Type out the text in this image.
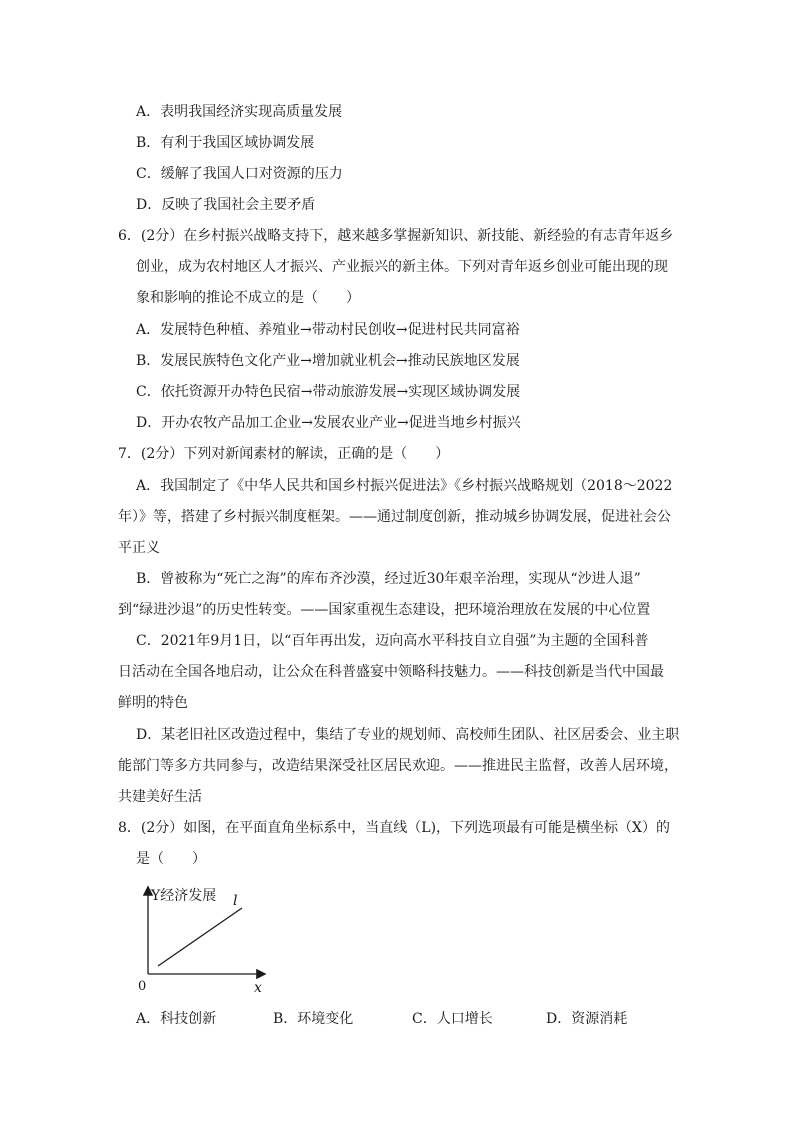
A．表明我国经济实现高质量发展
B．有利于我国区域协调发展
C．缓解了我国人口对资源的压力
D．反映了我国社会主要矛盾
6．(2分）在乡村振兴战略支持下，越来越多掌握新知识、新技能、新经验的有志青年返乡
创业，成为农村地区人才振兴、产业振兴的新主体。下列对青年返乡创业可能出现的现
象和影响的推论不成立的是（　　）
A．发展特色种植、养殖业→带动村民创收→促进村民共同富裕
B．发展民族特色文化产业→增加就业机会→推动民族地区发展
C．依托资源开办特色民宿→带动旅游发展→实现区域协调发展
D．开办农牧产品加工企业→发展农业产业→促进当地乡村振兴
7．(2分）下列对新闻素材的解读，正确的是（　　）
A．我国制定了《中华人民共和国乡村振兴促进法》《乡村振兴战略规划（2018～2022
年）》等，搭建了乡村振兴制度框架。——通过制度创新，推动城乡协调发展，促进社会公
平正义
B．曾被称为“死亡之海”的库布齐沙漠，经过近30年艰辛治理，实现从“沙进人退”
到“绿进沙退”的历史性转变。——国家重视生态建设，把环境治理放在发展的中心位置
C．2021年9月1日，以“百年再出发，迈向高水平科技自立自强”为主题的全国科普
日活动在全国各地启动，让公众在科普盛宴中领略科技魅力。——科技创新是当代中国最
鲜明的特色
D．某老旧社区改造过程中，集结了专业的规划师、高校师生团队、社区居委会、业主职
能部门等多方共同参与，改造结果深受社区居民欢迎。——推进民主监督，改善人居环境，
共建美好生活
8．(2分）如图，在平面直角坐标系中，当直线（L)，下列选项最有可能是横坐标（X）的
是（　　）
Y经济发展 l
0	x
A．科技创新	B．环境变化	C．人口增长	D．资源消耗
